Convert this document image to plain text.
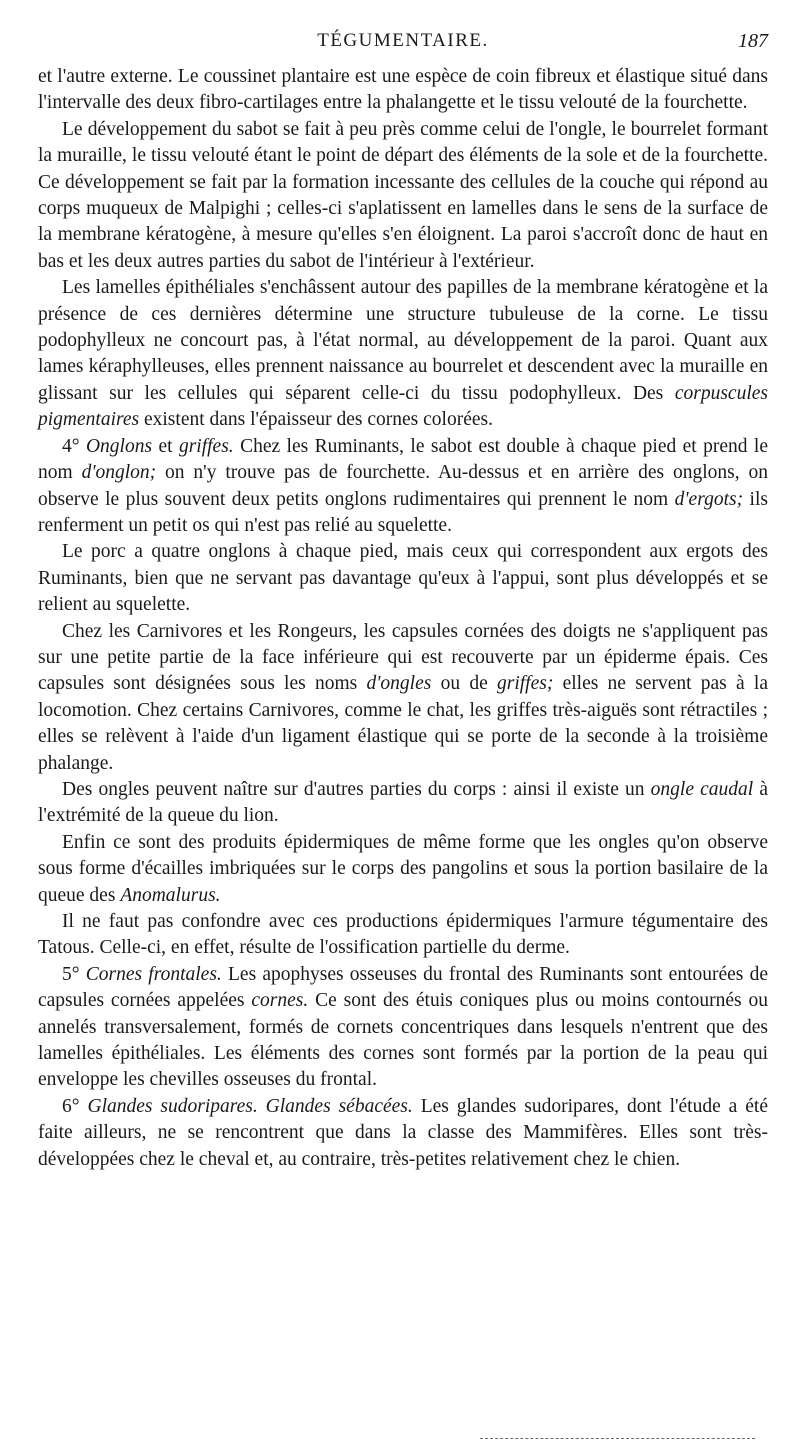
TÉGUMENTAIRE.	187

et l'autre externe. Le coussinet plantaire est une espèce de coin fibreux et élastique situé dans l'intervalle des deux fibro-cartilages entre la phalangette et le tissu velouté de la fourchette.

Le développement du sabot se fait à peu près comme celui de l'ongle, le bourrelet formant la muraille, le tissu velouté étant le point de départ des éléments de la sole et de la fourchette. Ce développement se fait par la formation incessante des cellules de la couche qui répond au corps muqueux de Malpighi ; celles-ci s'aplatissent en lamelles dans le sens de la surface de la membrane kératogène, à mesure qu'elles s'en éloignent. La paroi s'accroît donc de haut en bas et les deux autres parties du sabot de l'intérieur à l'extérieur.

Les lamelles épithéliales s'enchâssent autour des papilles de la membrane kératogène et la présence de ces dernières détermine une structure tubuleuse de la corne. Le tissu podophylleux ne concourt pas, à l'état normal, au développement de la paroi. Quant aux lames kéraphylleuses, elles prennent naissance au bourrelet et descendent avec la muraille en glissant sur les cellules qui séparent celle-ci du tissu podophylleux. Des corpuscules pigmentaires existent dans l'épaisseur des cornes colorées.

4° Onglons et griffes. Chez les Ruminants, le sabot est double à chaque pied et prend le nom d'onglon; on n'y trouve pas de fourchette. Au-dessus et en arrière des onglons, on observe le plus souvent deux petits onglons rudimentaires qui prennent le nom d'ergots; ils renferment un petit os qui n'est pas relié au squelette.

Le porc a quatre onglons à chaque pied, mais ceux qui correspondent aux ergots des Ruminants, bien que ne servant pas davantage qu'eux à l'appui, sont plus développés et se relient au squelette.

Chez les Carnivores et les Rongeurs, les capsules cornées des doigts ne s'appliquent pas sur une petite partie de la face inférieure qui est recouverte par un épiderme épais. Ces capsules sont désignées sous les noms d'ongles ou de griffes; elles ne servent pas à la locomotion. Chez certains Carnivores, comme le chat, les griffes très-aiguës sont rétractiles ; elles se relèvent à l'aide d'un ligament élastique qui se porte de la seconde à la troisième phalange.

Des ongles peuvent naître sur d'autres parties du corps : ainsi il existe un ongle caudal à l'extrémité de la queue du lion.

Enfin ce sont des produits épidermiques de même forme que les ongles qu'on observe sous forme d'écailles imbriquées sur le corps des pangolins et sous la portion basilaire de la queue des Anomalurus.

Il ne faut pas confondre avec ces productions épidermiques l'armure tégumentaire des Tatous. Celle-ci, en effet, résulte de l'ossification partielle du derme.

5° Cornes frontales. Les apophyses osseuses du frontal des Ruminants sont entourées de capsules cornées appelées cornes. Ce sont des étuis coniques plus ou moins contournés ou annelés transversalement, formés de cornets concentriques dans lesquels n'entrent que des lamelles épithéliales. Les éléments des cornes sont formés par la portion de la peau qui enveloppe les chevilles osseuses du frontal.

6° Glandes sudoripares. Glandes sébacées. Les glandes sudoripares, dont l'étude a été faite ailleurs, ne se rencontrent que dans la classe des Mammifères. Elles sont très-développées chez le cheval et, au contraire, très-petites relativement chez le chien.
